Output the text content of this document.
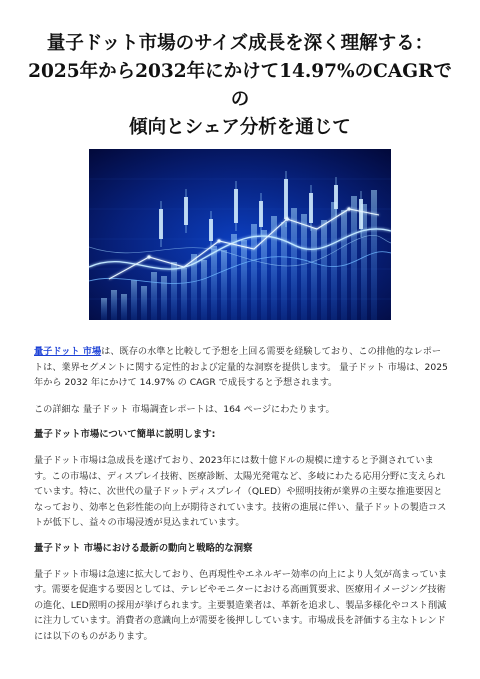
量子ドット市場のサイズ成長を深く理解する：
2025年から2032年にかけて14.97%のCAGRでの
傾向とシェア分析を通じて

量子ドット 市場は、既存の水準と比較して予想を上回る需要を経験しており、この排他的なレポートは、業界セグメントに関する定性的および定量的な洞察を提供します。 量子ドット 市場は、2025 年から 2032 年にかけて 14.97% の CAGR で成長すると予想されます。

この詳細な 量子ドット 市場調査レポートは、164 ページにわたります。

量子ドット市場について簡単に説明します:

量子ドット市場は急成長を遂げており、2023年には数十億ドルの規模に達すると予測されています。この市場は、ディスプレイ技術、医療診断、太陽光発電など、多岐にわたる応用分野に支えられています。特に、次世代の量子ドットディスプレイ（QLED）や照明技術が業界の主要な推進要因となっており、効率と色彩性能の向上が期待されています。技術の進展に伴い、量子ドットの製造コストが低下し、益々の市場浸透が見込まれています。

量子ドット 市場における最新の動向と戦略的な洞察

量子ドット市場は急速に拡大しており、色再現性やエネルギー効率の向上により人気が高まっています。需要を促進する要因としては、テレビやモニターにおける高画質要求、医療用イメージング技術の進化、LED照明の採用が挙げられます。主要製造業者は、革新を追求し、製品多様化やコスト削減に注力しています。消費者の意識向上が需要を後押ししています。市場成長を評価する主なトレンドには以下のものがあります。
